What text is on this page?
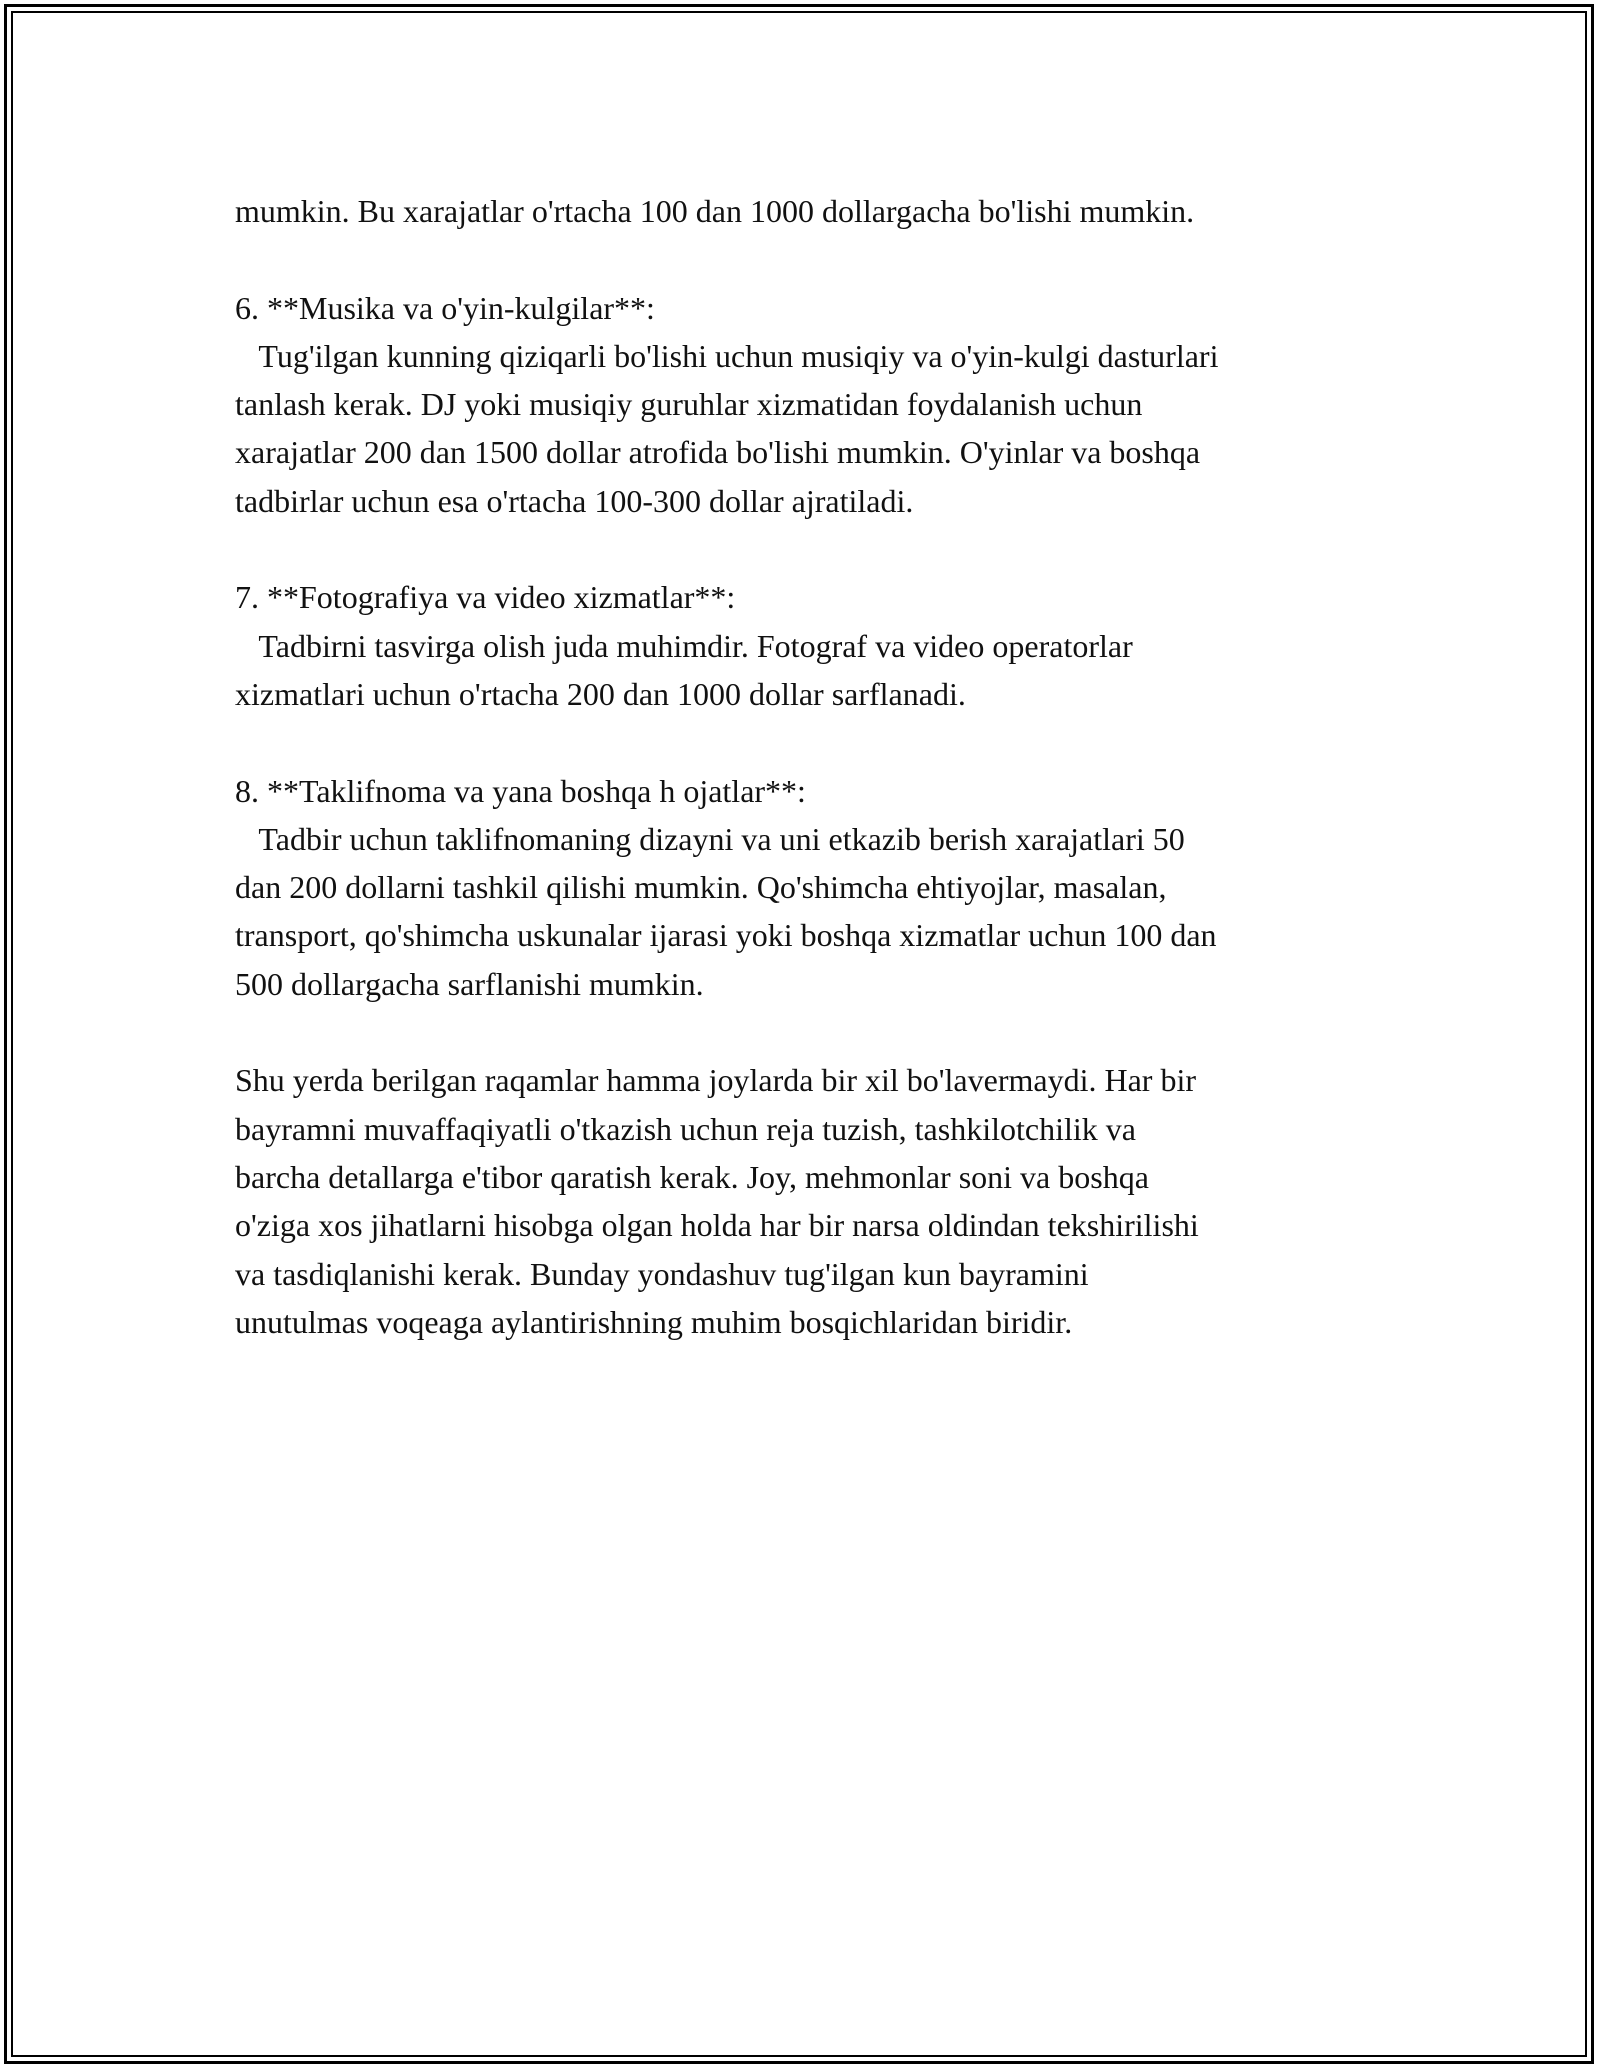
mumkin. Bu xarajatlar o'rtacha 100 dan 1000 dollargacha bo'lishi mumkin.
6. **Musika va o'yin-kulgilar**:
Tug'ilgan kunning qiziqarli bo'lishi uchun musiqiy va o'yin-kulgi dasturlari
tanlash kerak. DJ yoki musiqiy guruhlar xizmatidan foydalanish uchun
xarajatlar 200 dan 1500 dollar atrofida bo'lishi mumkin. O'yinlar va boshqa
tadbirlar uchun esa o'rtacha 100-300 dollar ajratiladi.
7. **Fotografiya va video xizmatlar**:
Tadbirni tasvirga olish juda muhimdir. Fotograf va video operatorlar
xizmatlari uchun o'rtacha 200 dan 1000 dollar sarflanadi.
8. **Taklifnoma va yana boshqa h ojatlar**:
Tadbir uchun taklifnomaning dizayni va uni etkazib berish xarajatlari 50
dan 200 dollarni tashkil qilishi mumkin. Qo'shimcha ehtiyojlar, masalan,
transport, qo'shimcha uskunalar ijarasi yoki boshqa xizmatlar uchun 100 dan
500 dollargacha sarflanishi mumkin.
Shu yerda berilgan raqamlar hamma joylarda bir xil bo'lavermaydi. Har bir
bayramni muvaffaqiyatli o'tkazish uchun reja tuzish, tashkilotchilik va
barcha detallarga e'tibor qaratish kerak. Joy, mehmonlar soni va boshqa
o'ziga xos jihatlarni hisobga olgan holda har bir narsa oldindan tekshirilishi
va tasdiqlanishi kerak. Bunday yondashuv tug'ilgan kun bayramini
unutulmas voqeaga aylantirishning muhim bosqichlaridan biridir.
